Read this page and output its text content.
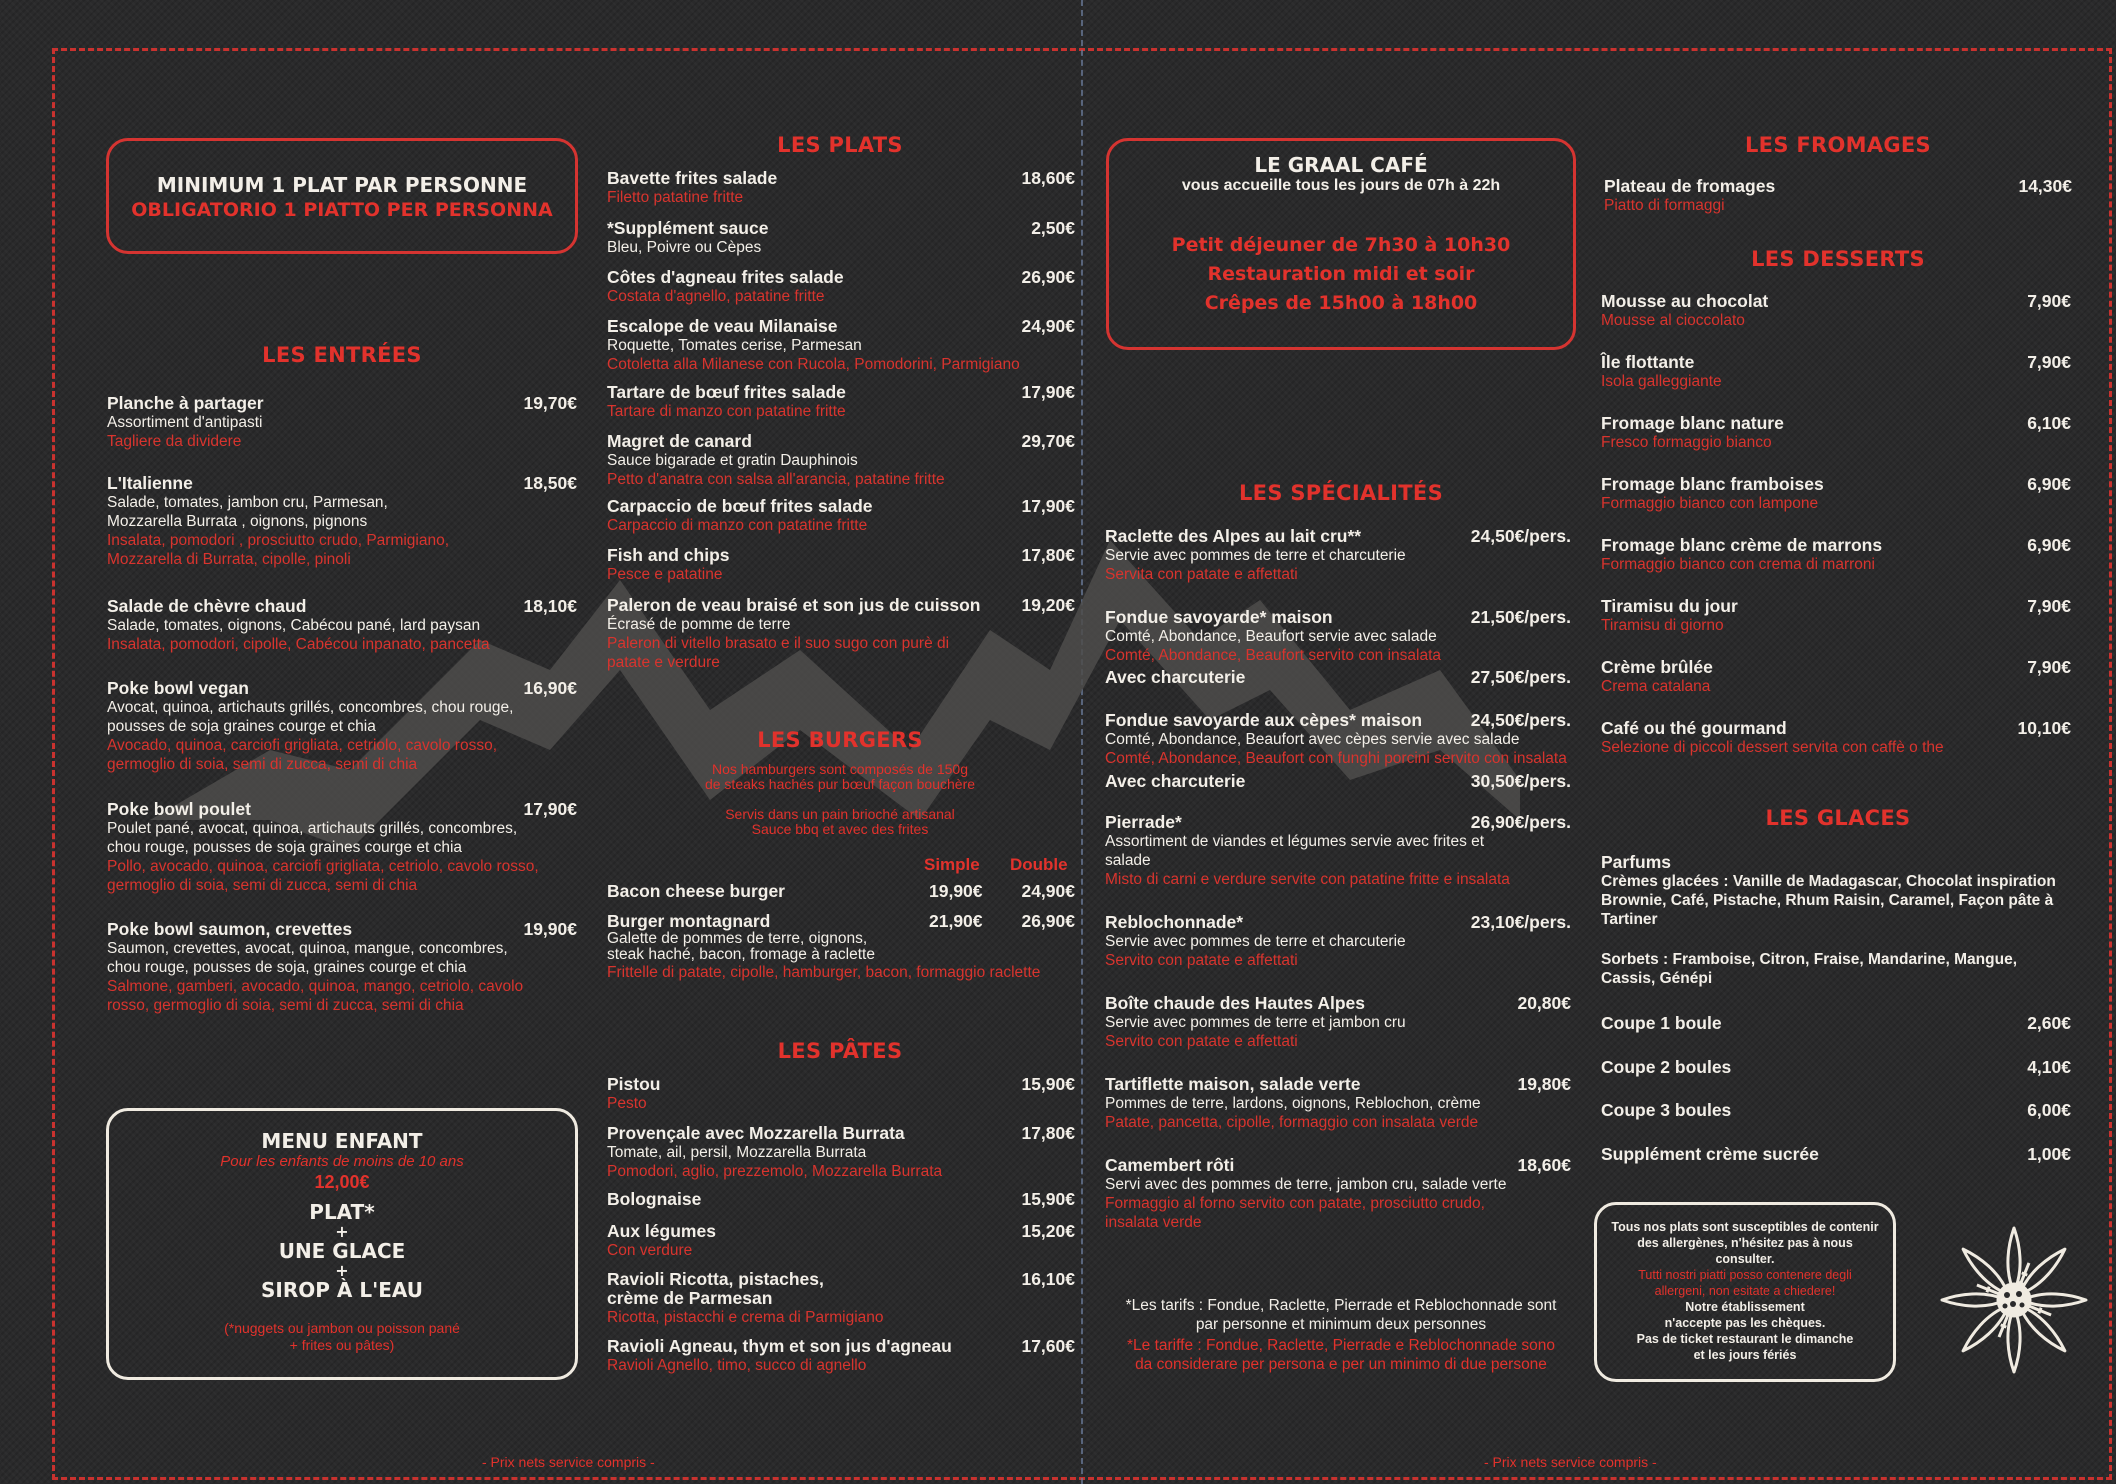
MINIMUM 1 PLAT PAR PERSONNE
OBLIGATORIO 1 PIATTO PER PERSONNA
LES ENTRÉES
Planche à partager	19,70€
Assortiment d'antipasti
Tagliere da dividere
L'Italienne	18,50€
Salade, tomates, jambon cru, Parmesan,
Mozzarella Burrata , oignons, pignons
Insalata, pomodori , prosciutto crudo, Parmigiano,
Mozzarella di Burrata, cipolle, pinoli
Salade de chèvre chaud	18,10€
Salade, tomates, oignons, Cabécou pané, lard paysan
Insalata, pomodori, cipolle, Cabécou inpanato, pancetta
Poke bowl vegan	16,90€
Avocat, quinoa, artichauts grillés, concombres, chou rouge,
pousses de soja graines courge et chia
Avocado, quinoa, carciofi grigliata, cetriolo, cavolo rosso,
germoglio di soia, semi di zucca, semi di chia
Poke bowl poulet	17,90€
Poulet pané, avocat, quinoa, artichauts grillés, concombres,
chou rouge, pousses de soja graines courge et chia
Pollo, avocado, quinoa, carciofi grigliata, cetriolo, cavolo rosso,
germoglio di soia, semi di zucca, semi di chia
Poke bowl saumon, crevettes	19,90€
Saumon, crevettes, avocat, quinoa, mangue, concombres,
chou rouge, pousses de soja, graines courge et chia
Salmone, gamberi, avocado, quinoa, mango, cetriolo, cavolo
rosso, germoglio di soia, semi di zucca, semi di chia
MENU ENFANT
Pour les enfants de moins de 10 ans
12,00€
PLAT*
+
UNE GLACE
+
SIROP À L'EAU
(*nuggets ou jambon ou poisson pané
+ frites ou pâtes)
- Prix nets service compris -
LES PLATS
Bavette frites salade	18,60€
Filetto patatine fritte
*Supplément sauce	2,50€
Bleu, Poivre ou Cèpes
Côtes d'agneau frites salade	26,90€
Costata d'agnello, patatine fritte
Escalope de veau Milanaise	24,90€
Roquette, Tomates cerise, Parmesan
Cotoletta alla Milanese con Rucola, Pomodorini, Parmigiano
Tartare de bœuf frites salade	17,90€
Tartare di manzo con patatine fritte
Magret de canard	29,70€
Sauce bigarade et gratin Dauphinois
Petto d'anatra con salsa all'arancia, patatine fritte
Carpaccio de bœuf frites salade	17,90€
Carpaccio di manzo con patatine fritte
Fish and chips	17,80€
Pesce e patatine
Paleron de veau braisé et son jus de cuisson	19,20€
Écrasé de pomme de terre
Paleron di vitello brasato e il suo sugo con purè di
patate e verdure
LES BURGERS
Nos hamburgers sont composés de 150g
de steaks hachés pur bœuf façon bouchère
Servis dans un pain brioché artisanal
Sauce bbq et avec des frites
Simple Double
Bacon cheese burger	19,90€ 24,90€
Burger montagnard	21,90€ 26,90€
Galette de pommes de terre, oignons,
steak haché, bacon, fromage à raclette
Frittelle di patate, cipolle, hamburger, bacon, formaggio raclette
LES PÂTES
Pistou	15,90€
Pesto
Provençale avec Mozzarella Burrata	17,80€
Tomate, ail, persil, Mozzarella Burrata
Pomodori, aglio, prezzemolo, Mozzarella Burrata
Bolognaise	15,90€
Aux légumes	15,20€
Con verdure
Ravioli Ricotta, pistaches,
crème de Parmesan
16,10€
Ricotta, pistacchi e crema di Parmigiano
Ravioli Agneau, thym et son jus d'agneau	17,60€
Ravioli Agnello, timo, succo di agnello
LE GRAAL CAFÉ
vous accueille tous les jours de 07h à 22h
Petit déjeuner de 7h30 à 10h30
Restauration midi et soir
Crêpes de 15h00 à 18h00
LES SPÉCIALITÉS
Raclette des Alpes au lait cru**	24,50€/pers.
Servie avec pommes de terre et charcuterie
Servita con patate e affettati
Fondue savoyarde* maison	21,50€/pers.
Comté, Abondance, Beaufort servie avec salade
Comté, Abondance, Beaufort servito con insalata
Avec charcuterie	27,50€/pers.
Fondue savoyarde aux cèpes* maison	24,50€/pers.
Comté, Abondance, Beaufort avec cèpes servie avec salade
Comté, Abondance, Beaufort con funghi porcini servito con insalata
Avec charcuterie	30,50€/pers.
Pierrade*	26,90€/pers.
Assortiment de viandes et légumes servie avec frites et
salade
Misto di carni e verdure servite con patatine fritte e insalata
Reblochonnade*	23,10€/pers.
Servie avec pommes de terre et charcuterie
Servito con patate e affettati
Boîte chaude des Hautes Alpes	20,80€
Servie avec pommes de terre et jambon cru
Servito con patate e affettati
Tartiflette maison, salade verte	19,80€
Pommes de terre, lardons, oignons, Reblochon, crème
Patate, pancetta, cipolle, formaggio con insalata verde
Camembert rôti	18,60€
Servi avec des pommes de terre, jambon cru, salade verte
Formaggio al forno servito con patate, prosciutto crudo,
insalata verde
*Les tarifs : Fondue, Raclette, Pierrade et Reblochonnade sont
par personne et minimum deux personnes
*Le tariffe : Fondue, Raclette, Pierrade e Reblochonnade sono
da considerare per persona e per un minimo di due persone
- Prix nets service compris -
LES FROMAGES
Plateau de fromages	14,30€
Piatto di formaggi
LES DESSERTS
Mousse au chocolat	7,90€
Mousse al cioccolato
Île flottante	7,90€
Isola galleggiante
Fromage blanc nature	6,10€
Fresco formaggio bianco
Fromage blanc framboises	6,90€
Formaggio bianco con lampone
Fromage blanc crème de marrons	6,90€
Formaggio bianco con crema di marroni
Tiramisu du jour	7,90€
Tiramisu di giorno
Crème brûlée	7,90€
Crema catalana
Café ou thé gourmand	10,10€
Selezione di piccoli dessert servita con caffè o the
LES GLACES
Parfums
Crèmes glacées : Vanille de Madagascar, Chocolat inspiration
Brownie, Café, Pistache, Rhum Raisin, Caramel, Façon pâte à
Tartiner
Sorbets : Framboise, Citron, Fraise, Mandarine, Mangue,
Cassis, Génépi
Coupe 1 boule	2,60€
Coupe 2 boules	4,10€
Coupe 3 boules	6,00€
Supplément crème sucrée	1,00€
Tous nos plats sont susceptibles de contenir
des allergènes, n'hésitez pas à nous
consulter.
Tutti nostri piatti posso contenere degli
allergeni, non esitate a chiedere!
Notre établissement
n'accepte pas les chèques.
Pas de ticket restaurant le dimanche
et les jours fériés
